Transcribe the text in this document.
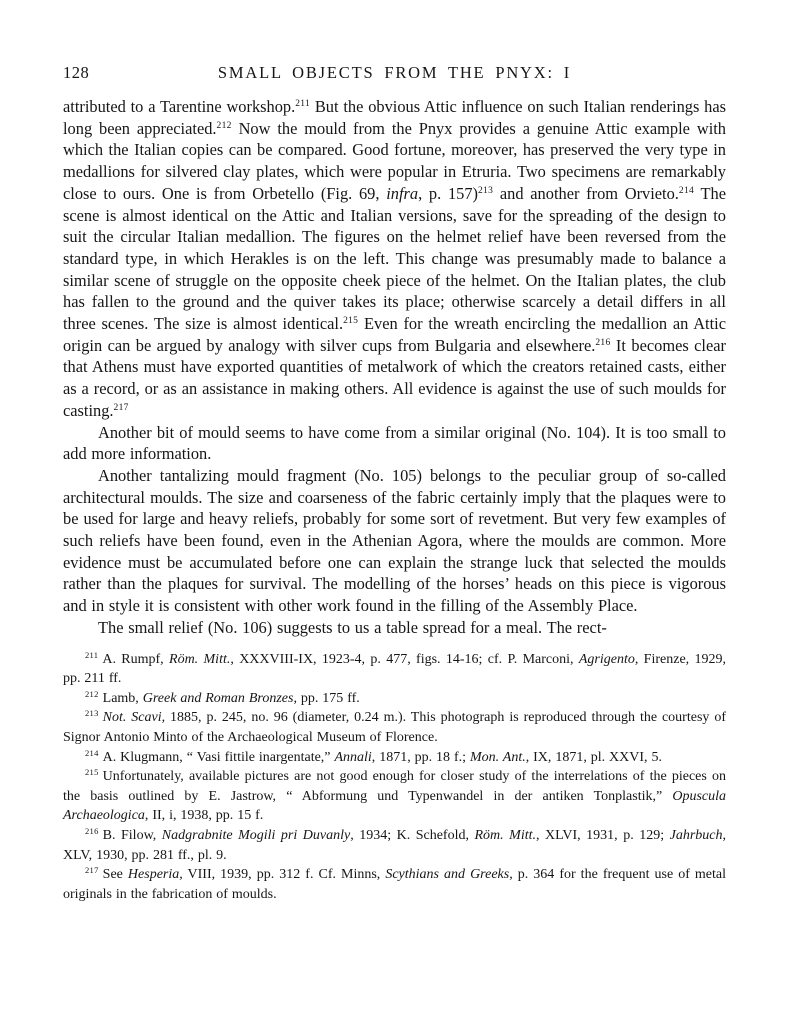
128	SMALL OBJECTS FROM THE PNYX: I

attributed to a Tarentine workshop.$^{211}$ But the obvious Attic influence on such Italian renderings has long been appreciated.$^{212}$ Now the mould from the Pnyx provides a genuine Attic example with which the Italian copies can be compared. Good fortune, moreover, has preserved the very type in medallions for silvered clay plates, which were popular in Etruria. Two specimens are remarkably close to ours. One is from Orbetello (Fig. 69, infra, p. 157)$^{213}$ and another from Orvieto.$^{214}$ The scene is almost identical on the Attic and Italian versions, save for the spreading of the design to suit the circular Italian medallion. The figures on the helmet relief have been reversed from the standard type, in which Herakles is on the left. This change was presumably made to balance a similar scene of struggle on the opposite cheek piece of the helmet. On the Italian plates, the club has fallen to the ground and the quiver takes its place; otherwise scarcely a detail differs in all three scenes. The size is almost identical.$^{215}$ Even for the wreath encircling the medallion an Attic origin can be argued by analogy with silver cups from Bulgaria and elsewhere.$^{216}$ It becomes clear that Athens must have exported quantities of metalwork of which the creators retained casts, either as a record, or as an assistance in making others. All evidence is against the use of such moulds for casting.$^{217}$

Another bit of mould seems to have come from a similar original (No. 104). It is too small to add more information.

Another tantalizing mould fragment (No. 105) belongs to the peculiar group of so-called architectural moulds. The size and coarseness of the fabric certainly imply that the plaques were to be used for large and heavy reliefs, probably for some sort of revetment. But very few examples of such reliefs have been found, even in the Athenian Agora, where the moulds are common. More evidence must be accumulated before one can explain the strange luck that selected the moulds rather than the plaques for survival. The modelling of the horses’ heads on this piece is vigorous and in style it is consistent with other work found in the filling of the Assembly Place.

The small relief (No. 106) suggests to us a table spread for a meal. The rect-

$^{211}$ A. Rumpf, Röm. Mitt., XXXVIII-IX, 1923-4, p. 477, figs. 14-16; cf. P. Marconi, Agrigento, Firenze, 1929, pp. 211 ff.

$^{212}$ Lamb, Greek and Roman Bronzes, pp. 175 ff.

$^{213}$ Not. Scavi, 1885, p. 245, no. 96 (diameter, 0.24 m.). This photograph is reproduced through the courtesy of Signor Antonio Minto of the Archaeological Museum of Florence.

$^{214}$ A. Klugmann, “ Vasi fittile inargentate,” Annali, 1871, pp. 18 f.; Mon. Ant., IX, 1871, pl. XXVI, 5.

$^{215}$ Unfortunately, available pictures are not good enough for closer study of the interrelations of the pieces on the basis outlined by E. Jastrow, “ Abformung und Typenwandel in der antiken Tonplastik,” Opuscula Archaeologica, II, i, 1938, pp. 15 f.

$^{216}$ B. Filow, Nadgrabnite Mogili pri Duvanly, 1934; K. Schefold, Röm. Mitt., XLVI, 1931, p. 129; Jahrbuch, XLV, 1930, pp. 281 ff., pl. 9.

$^{217}$ See Hesperia, VIII, 1939, pp. 312 f. Cf. Minns, Scythians and Greeks, p. 364 for the frequent use of metal originals in the fabrication of moulds.
